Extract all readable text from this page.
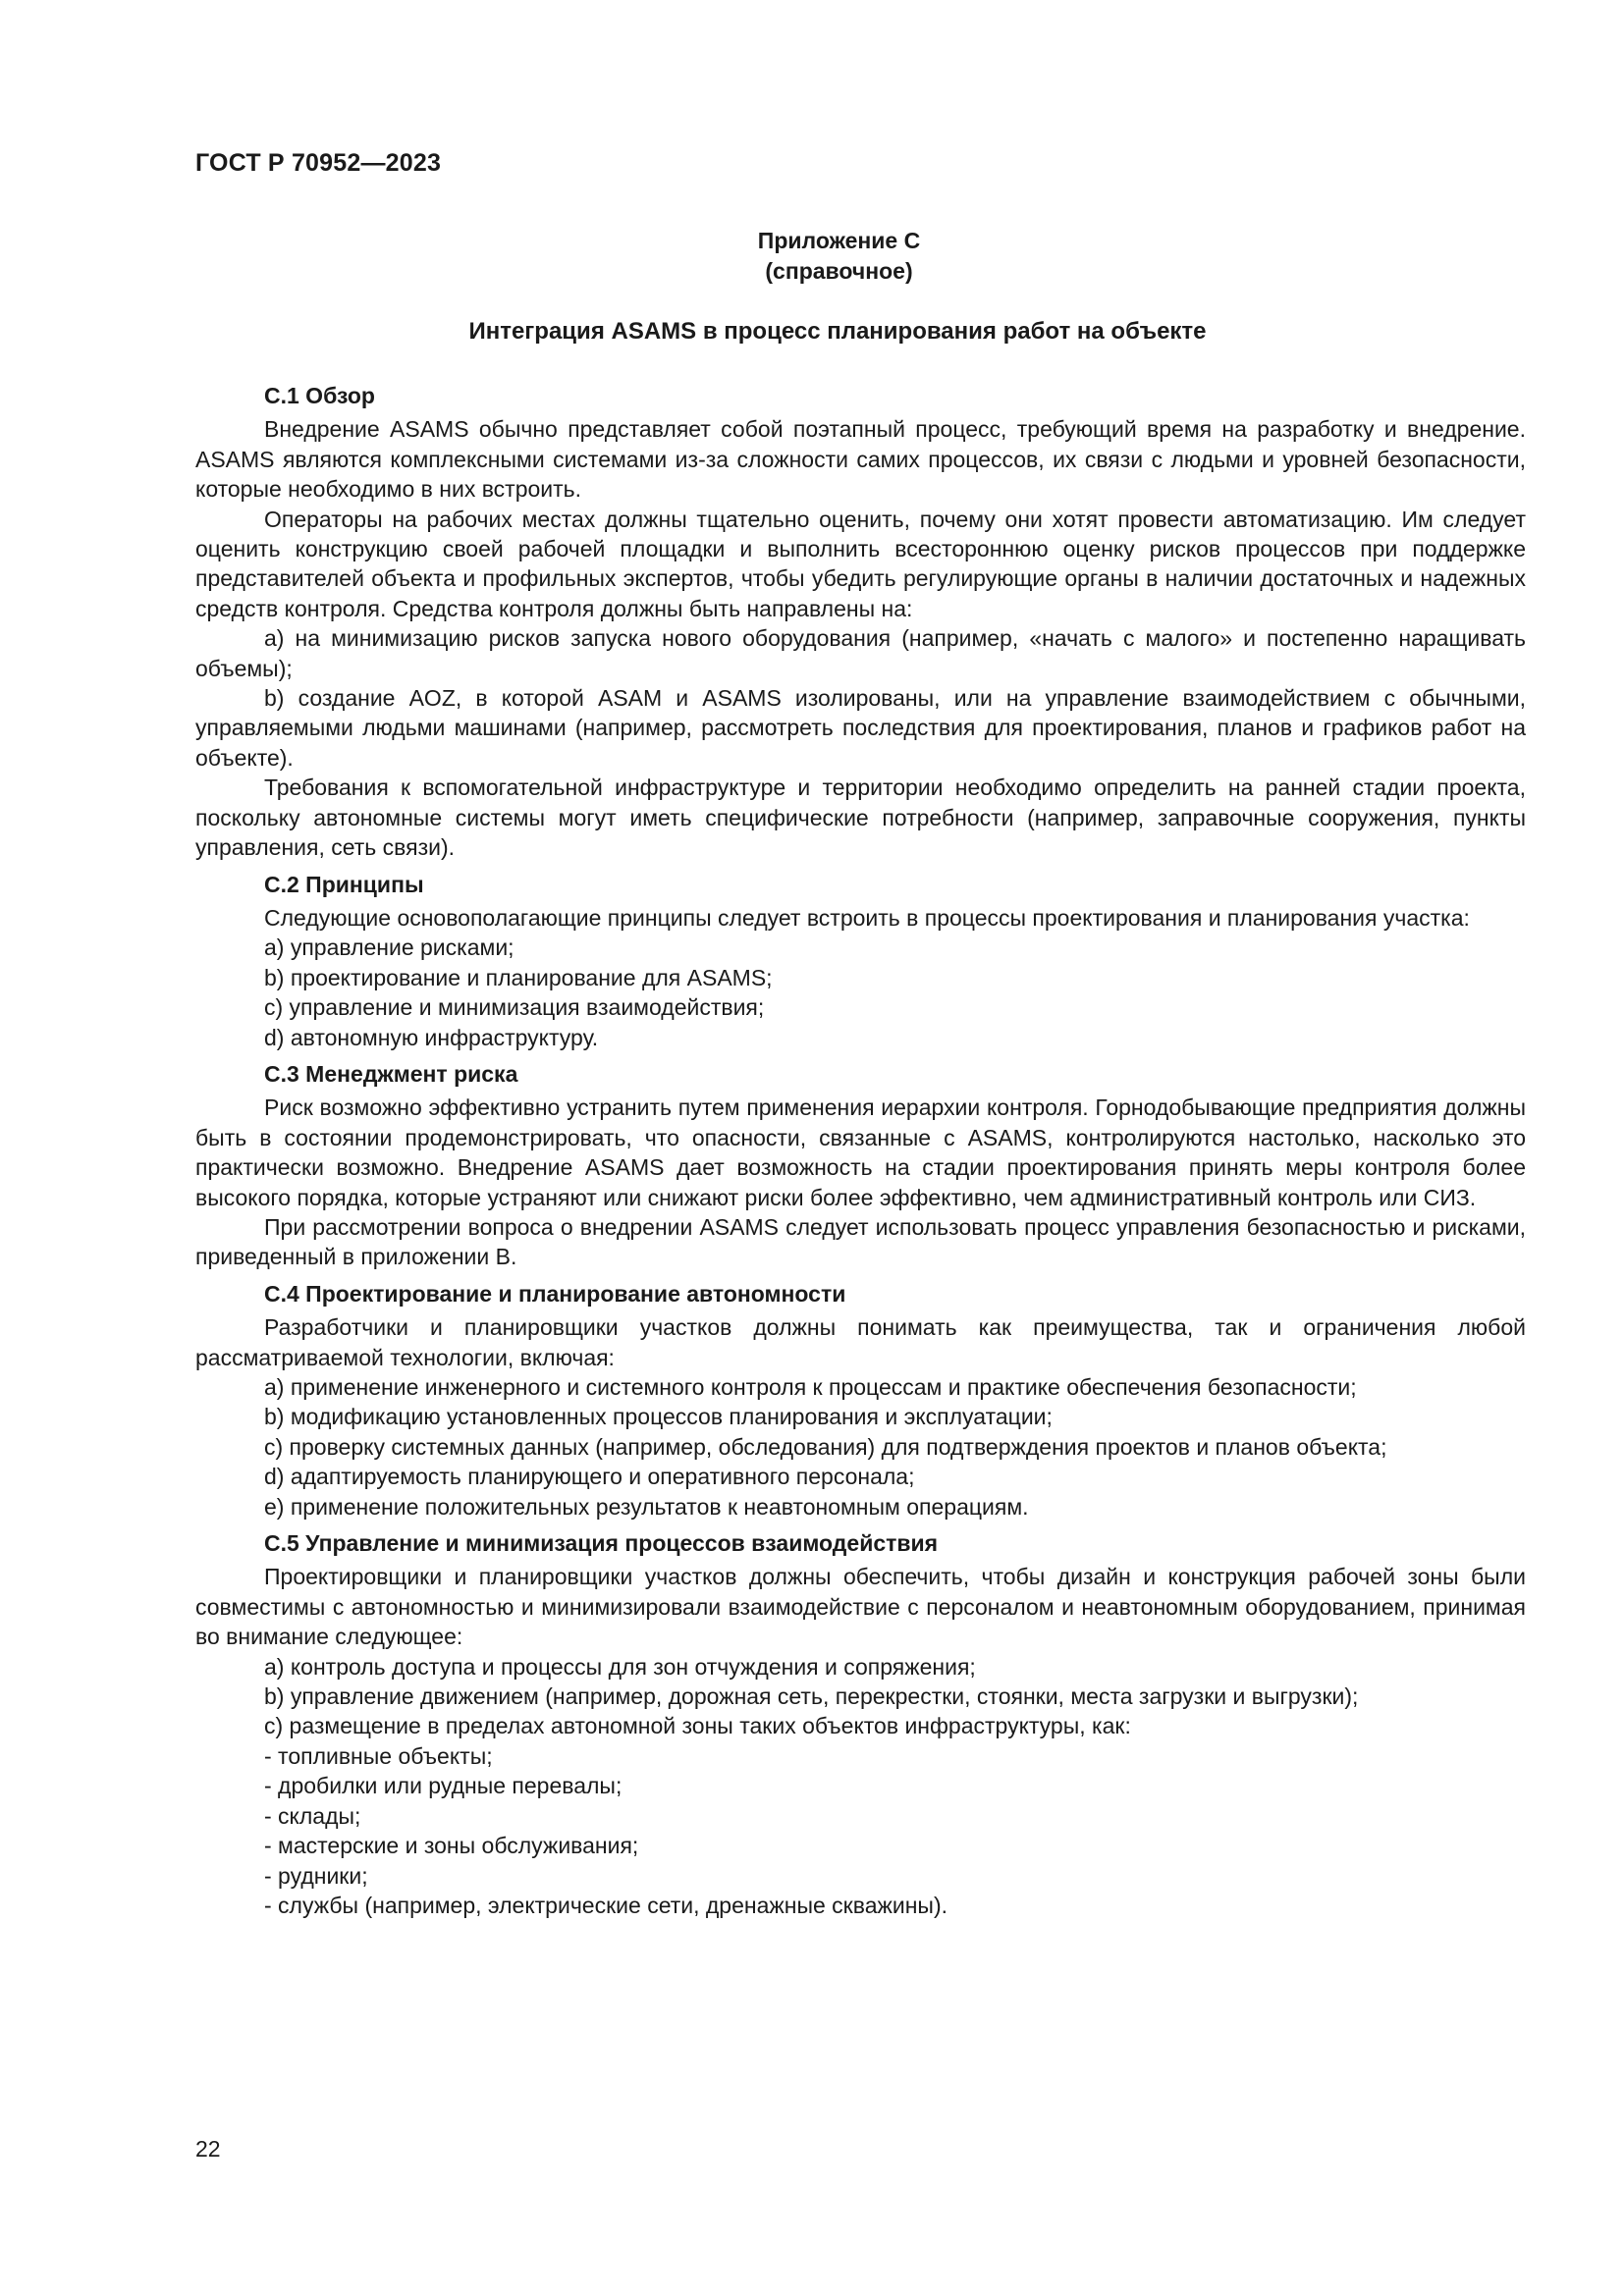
ГОСТ Р 70952—2023
Приложение С
(справочное)
Интеграция ASAMS в процесс планирования работ на объекте
С.1 Обзор
Внедрение ASAMS обычно представляет собой поэтапный процесс, требующий время на разработку и внедрение. ASAMS являются комплексными системами из-за сложности самих процессов, их связи с людьми и уровней безопасности, которые необходимо в них встроить.
Операторы на рабочих местах должны тщательно оценить, почему они хотят провести автоматизацию. Им следует оценить конструкцию своей рабочей площадки и выполнить всестороннюю оценку рисков процессов при поддержке представителей объекта и профильных экспертов, чтобы убедить регулирующие органы в наличии достаточных и надежных средств контроля. Средства контроля должны быть направлены на:
а) на минимизацию рисков запуска нового оборудования (например, «начать с малого» и постепенно наращивать объемы);
b) создание AOZ, в которой ASAM и ASAMS изолированы, или на управление взаимодействием с обычными, управляемыми людьми машинами (например, рассмотреть последствия для проектирования, планов и графиков работ на объекте).
Требования к вспомогательной инфраструктуре и территории необходимо определить на ранней стадии проекта, поскольку автономные системы могут иметь специфические потребности (например, заправочные сооружения, пункты управления, сеть связи).
С.2 Принципы
Следующие основополагающие принципы следует встроить в процессы проектирования и планирования участка:
а) управление рисками;
b) проектирование и планирование для ASAMS;
c) управление и минимизация взаимодействия;
d) автономную инфраструктуру.
С.3 Менеджмент риска
Риск возможно эффективно устранить путем применения иерархии контроля. Горнодобывающие предприятия должны быть в состоянии продемонстрировать, что опасности, связанные с ASAMS, контролируются настолько, насколько это практически возможно. Внедрение ASAMS дает возможность на стадии проектирования принять меры контроля более высокого порядка, которые устраняют или снижают риски более эффективно, чем административный контроль или СИЗ.
При рассмотрении вопроса о внедрении ASAMS следует использовать процесс управления безопасностью и рисками, приведенный в приложении В.
С.4 Проектирование и планирование автономности
Разработчики и планировщики участков должны понимать как преимущества, так и ограничения любой рассматриваемой технологии, включая:
а) применение инженерного и системного контроля к процессам и практике обеспечения безопасности;
b) модификацию установленных процессов планирования и эксплуатации;
c) проверку системных данных (например, обследования) для подтверждения проектов и планов объекта;
d) адаптируемость планирующего и оперативного персонала;
e) применение положительных результатов к неавтономным операциям.
С.5 Управление и минимизация процессов взаимодействия
Проектировщики и планировщики участков должны обеспечить, чтобы дизайн и конструкция рабочей зоны были совместимы с автономностью и минимизировали взаимодействие с персоналом и неавтономным оборудованием, принимая во внимание следующее:
а) контроль доступа и процессы для зон отчуждения и сопряжения;
b) управление движением (например, дорожная сеть, перекрестки, стоянки, места загрузки и выгрузки);
c) размещение в пределах автономной зоны таких объектов инфраструктуры, как:
- топливные объекты;
- дробилки или рудные перевалы;
- склады;
- мастерские и зоны обслуживания;
- рудники;
- службы (например, электрические сети, дренажные скважины).
22
